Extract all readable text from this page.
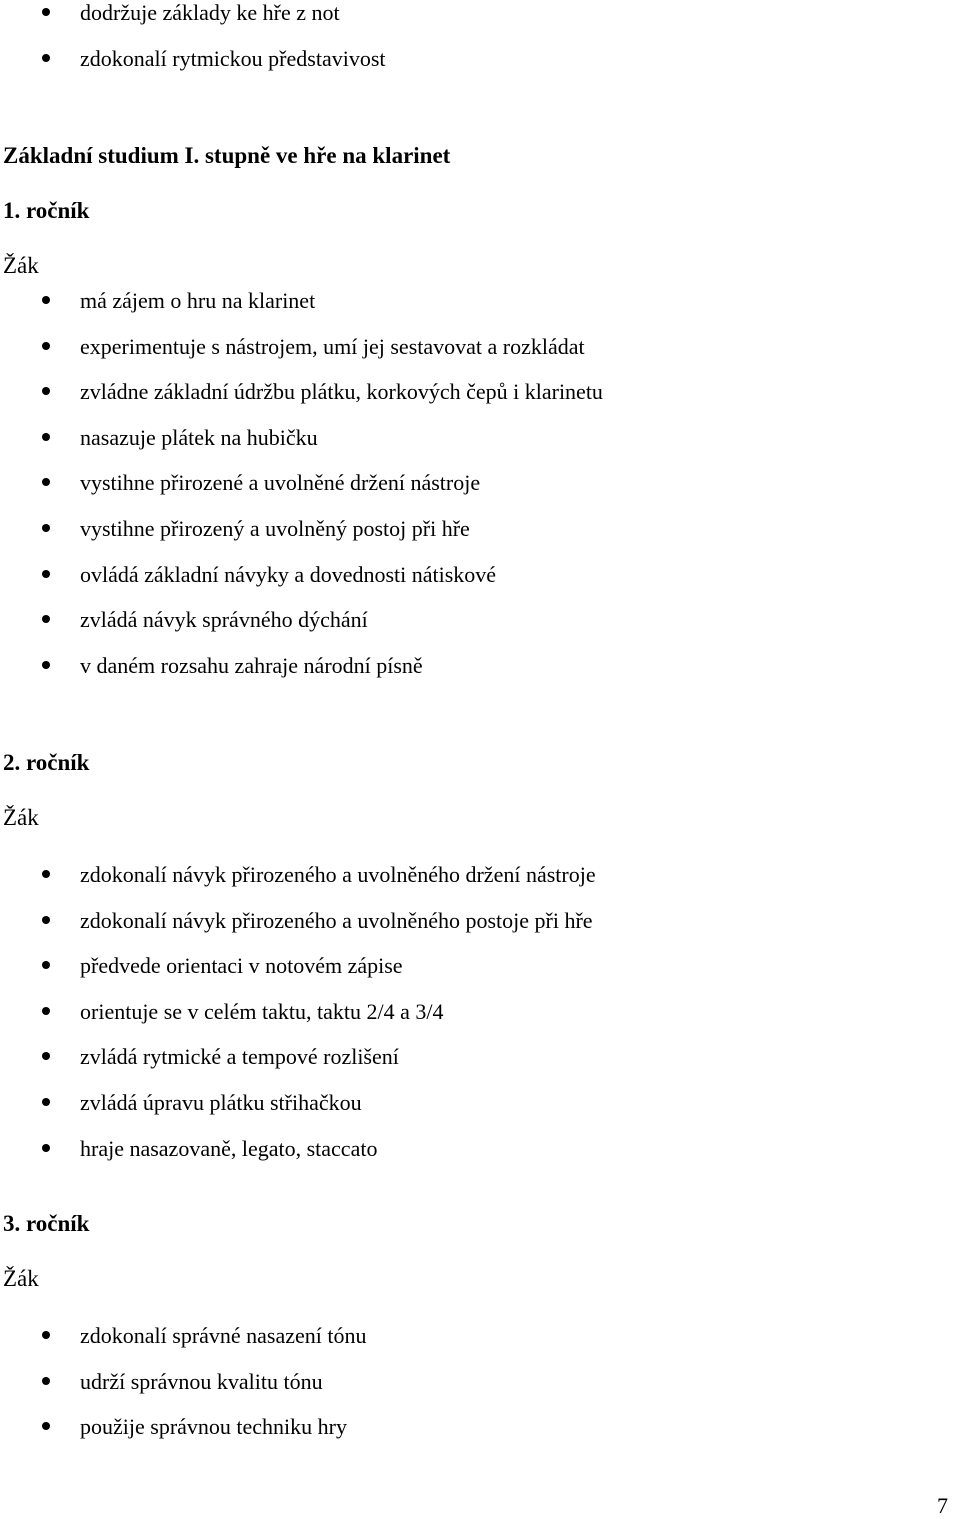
dodržuje základy ke hře z not
zdokonalí rytmickou představivost
Základní studium I. stupně ve hře na klarinet
1. ročník
Žák
má zájem o hru na klarinet
experimentuje s nástrojem, umí jej sestavovat a rozkládat
zvládne základní údržbu plátku, korkových čepů i klarinetu
nasazuje plátek na hubičku
vystihne přirozené a uvolněné držení nástroje
vystihne přirozený a uvolněný postoj při hře
ovládá základní návyky a dovednosti nátiskové
zvládá návyk správného dýchání
v daném rozsahu zahraje národní písně
2. ročník
Žák
zdokonalí návyk přirozeného a uvolněného držení nástroje
zdokonalí návyk přirozeného a uvolněného postoje při hře
předvede orientaci v notovém zápise
orientuje se v celém taktu, taktu 2/4 a 3/4
zvládá rytmické a tempové rozlišení
zvládá úpravu plátku střihačkou
hraje nasazovaně, legato, staccato
3. ročník
Žák
zdokonalí správné nasazení tónu
udrží správnou kvalitu tónu
použije správnou techniku hry
7
